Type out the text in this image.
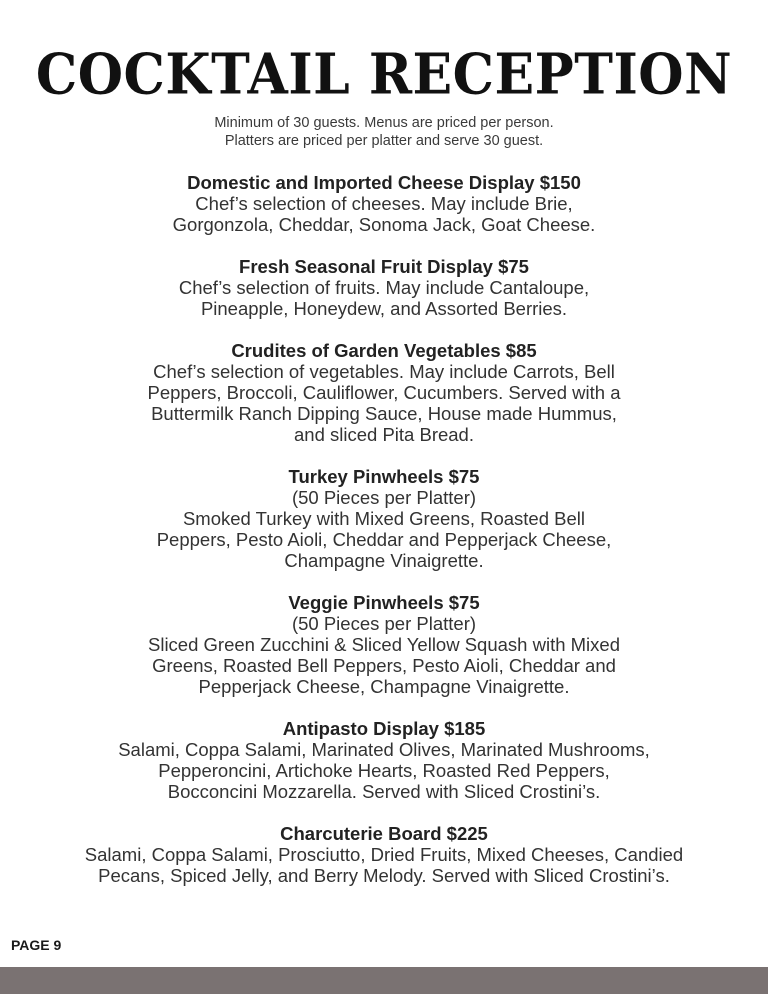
COCKTAIL RECEPTION
Minimum of 30 guests. Menus are priced per person.
Platters are priced per platter and serve 30 guest.
Domestic and Imported Cheese Display $150
Chef’s selection of cheeses. May include Brie,
Gorgonzola, Cheddar, Sonoma Jack, Goat Cheese.
Fresh Seasonal Fruit Display $75
Chef’s selection of fruits. May include Cantaloupe,
Pineapple, Honeydew, and Assorted Berries.
Crudites of Garden Vegetables $85
Chef’s selection of vegetables. May include Carrots, Bell
Peppers, Broccoli, Cauliflower, Cucumbers. Served with a
Buttermilk Ranch Dipping Sauce, House made Hummus,
and sliced Pita Bread.
Turkey Pinwheels $75
(50 Pieces per Platter)
Smoked Turkey with Mixed Greens, Roasted Bell
Peppers, Pesto Aioli, Cheddar and Pepperjack Cheese,
Champagne Vinaigrette.
Veggie Pinwheels $75
(50 Pieces per Platter)
Sliced Green Zucchini & Sliced Yellow Squash with Mixed
Greens, Roasted Bell Peppers, Pesto Aioli, Cheddar and
Pepperjack Cheese, Champagne Vinaigrette.
Antipasto Display $185
Salami, Coppa Salami, Marinated Olives, Marinated Mushrooms,
Pepperoncini, Artichoke Hearts, Roasted Red Peppers,
Bocconcini Mozzarella. Served with Sliced Crostini’s.
Charcuterie Board $225
Salami, Coppa Salami, Prosciutto, Dried Fruits, Mixed Cheeses, Candied
Pecans, Spiced Jelly, and Berry Melody. Served with Sliced Crostini’s.
PAGE 9
